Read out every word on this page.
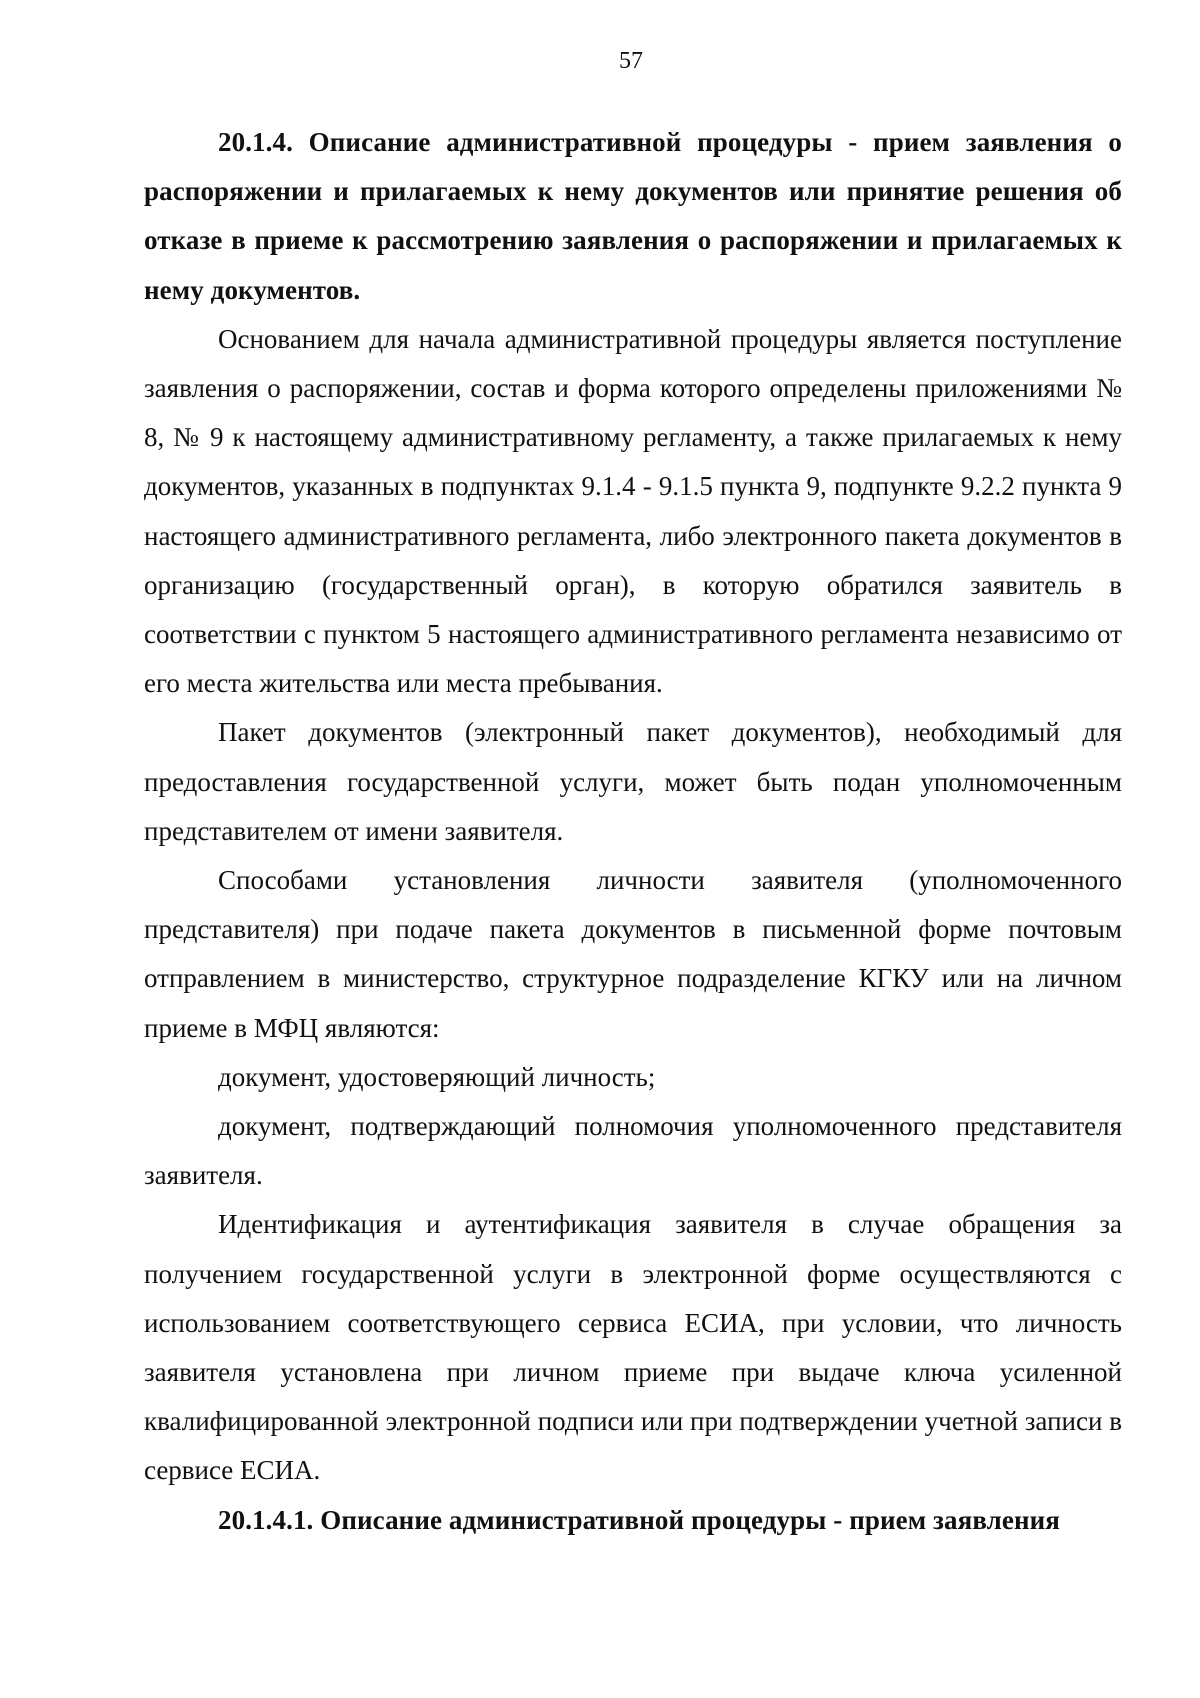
57

20.1.4. Описание административной процедуры - прием заявления о распоряжении и прилагаемых к нему документов или принятие решения об отказе в приеме к рассмотрению заявления о распоряжении и прилагаемых к нему документов.

Основанием для начала административной процедуры является поступление заявления о распоряжении, состав и форма которого определены приложениями № 8, № 9 к настоящему административному регламенту, а также прилагаемых к нему документов, указанных в подпунктах 9.1.4 - 9.1.5 пункта 9, подпункте 9.2.2 пункта 9 настоящего административного регламента, либо электронного пакета документов в организацию (государственный орган), в которую обратился заявитель в соответствии с пунктом 5 настоящего административного регламента независимо от его места жительства или места пребывания.

Пакет документов (электронный пакет документов), необходимый для предоставления государственной услуги, может быть подан уполномоченным представителем от имени заявителя.

Способами установления личности заявителя (уполномоченного представителя) при подаче пакета документов в письменной форме почтовым отправлением в министерство, структурное подразделение КГКУ или на личном приеме в МФЦ являются:

документ, удостоверяющий личность;

документ, подтверждающий полномочия уполномоченного представителя заявителя.

Идентификация и аутентификация заявителя в случае обращения за получением государственной услуги в электронной форме осуществляются с использованием соответствующего сервиса ЕСИА, при условии, что личность заявителя установлена при личном приеме при выдаче ключа усиленной квалифицированной электронной подписи или при подтверждении учетной записи в сервисе ЕСИА.

20.1.4.1. Описание административной процедуры - прием заявления
